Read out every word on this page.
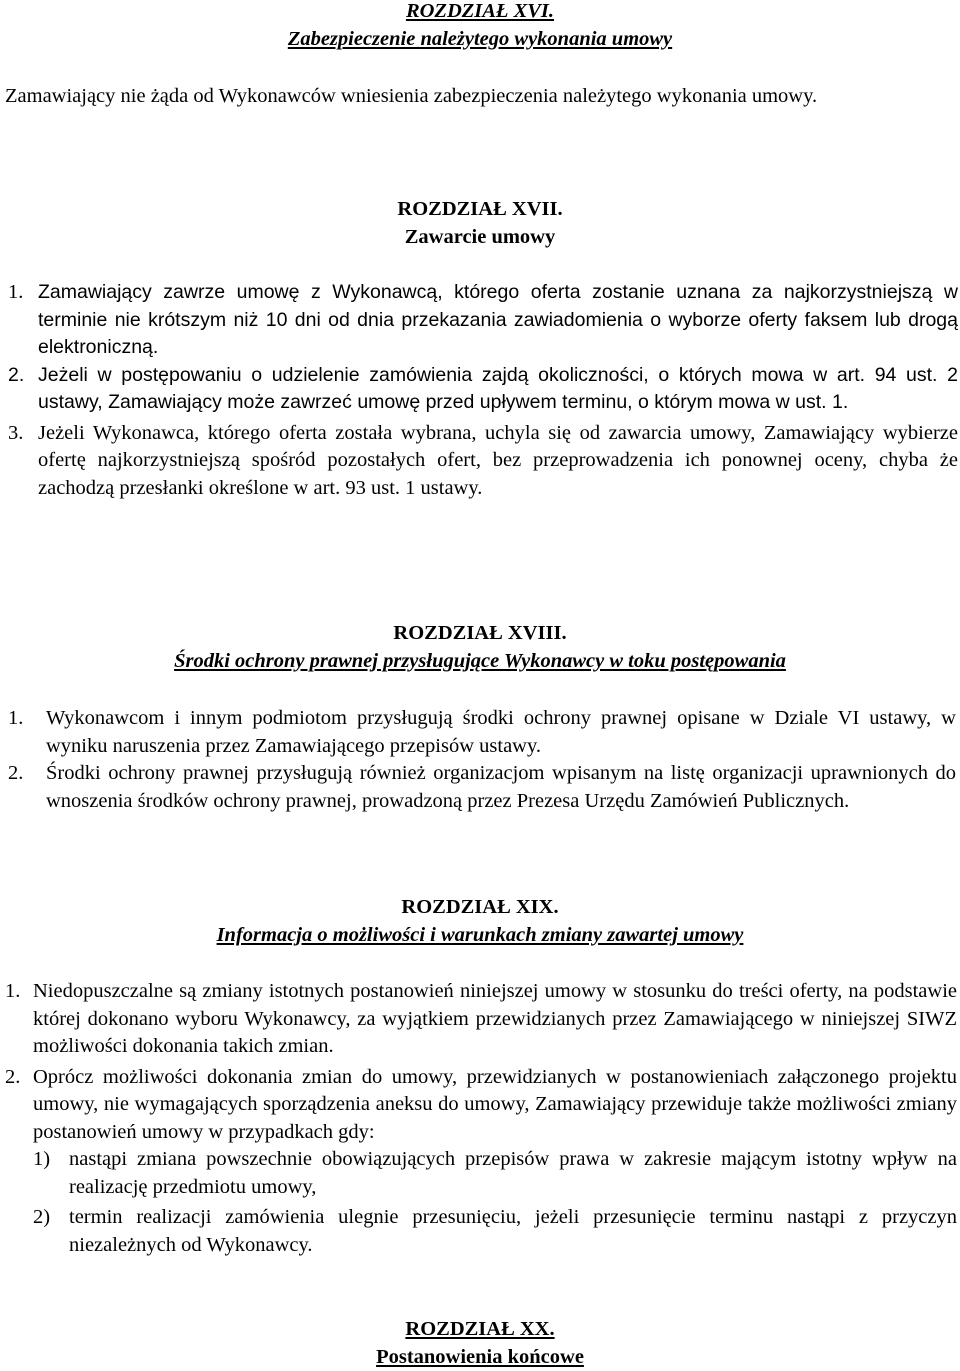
ROZDZIAŁ XVI.
Zabezpieczenie należytego wykonania umowy
Zamawiający nie żąda od Wykonawców wniesienia zabezpieczenia należytego wykonania umowy.
ROZDZIAŁ XVII.
Zawarcie umowy
1. Zamawiający zawrze umowę z Wykonawcą, którego oferta zostanie uznana za najkorzystniejszą w terminie nie krótszym niż 10 dni od dnia przekazania zawiadomienia o wyborze oferty faksem lub drogą elektroniczną.
2. Jeżeli w postępowaniu o udzielenie zamówienia zajdą okoliczności, o których mowa w art. 94 ust. 2 ustawy, Zamawiający może zawrzeć umowę przed upływem terminu, o którym mowa w ust. 1.
3. Jeżeli Wykonawca, którego oferta została wybrana, uchyla się od zawarcia umowy, Zamawiający wybierze ofertę najkorzystniejszą spośród pozostałych ofert, bez przeprowadzenia ich ponownej oceny, chyba że zachodzą przesłanki określone w art. 93 ust. 1 ustawy.
ROZDZIAŁ XVIII.
Środki ochrony prawnej przysługujące Wykonawcy w toku postępowania
1. Wykonawcom i innym podmiotom przysługują środki ochrony prawnej opisane w Dziale VI ustawy, w wyniku naruszenia przez Zamawiającego przepisów ustawy.
2. Środki ochrony prawnej przysługują również organizacjom wpisanym na listę organizacji uprawnionych do wnoszenia środków ochrony prawnej, prowadzoną przez Prezesa Urzędu Zamówień Publicznych.
ROZDZIAŁ XIX.
Informacja o możliwości i warunkach zmiany zawartej umowy
1. Niedopuszczalne są zmiany istotnych postanowień niniejszej umowy w stosunku do treści oferty, na podstawie której dokonano wyboru Wykonawcy, za wyjątkiem przewidzianych przez Zamawiającego w niniejszej SIWZ możliwości dokonania takich zmian.
2. Oprócz możliwości dokonania zmian do umowy, przewidzianych w postanowieniach załączonego projektu umowy, nie wymagających sporządzenia aneksu do umowy, Zamawiający przewiduje także możliwości zmiany postanowień umowy w przypadkach gdy:
1) nastąpi zmiana powszechnie obowiązujących przepisów prawa w zakresie mającym istotny wpływ na realizację przedmiotu umowy,
2) termin realizacji zamówienia ulegnie przesunięciu, jeżeli przesunięcie terminu nastąpi z przyczyn niezależnych od Wykonawcy.
ROZDZIAŁ XX.
Postanowienia końcowe
